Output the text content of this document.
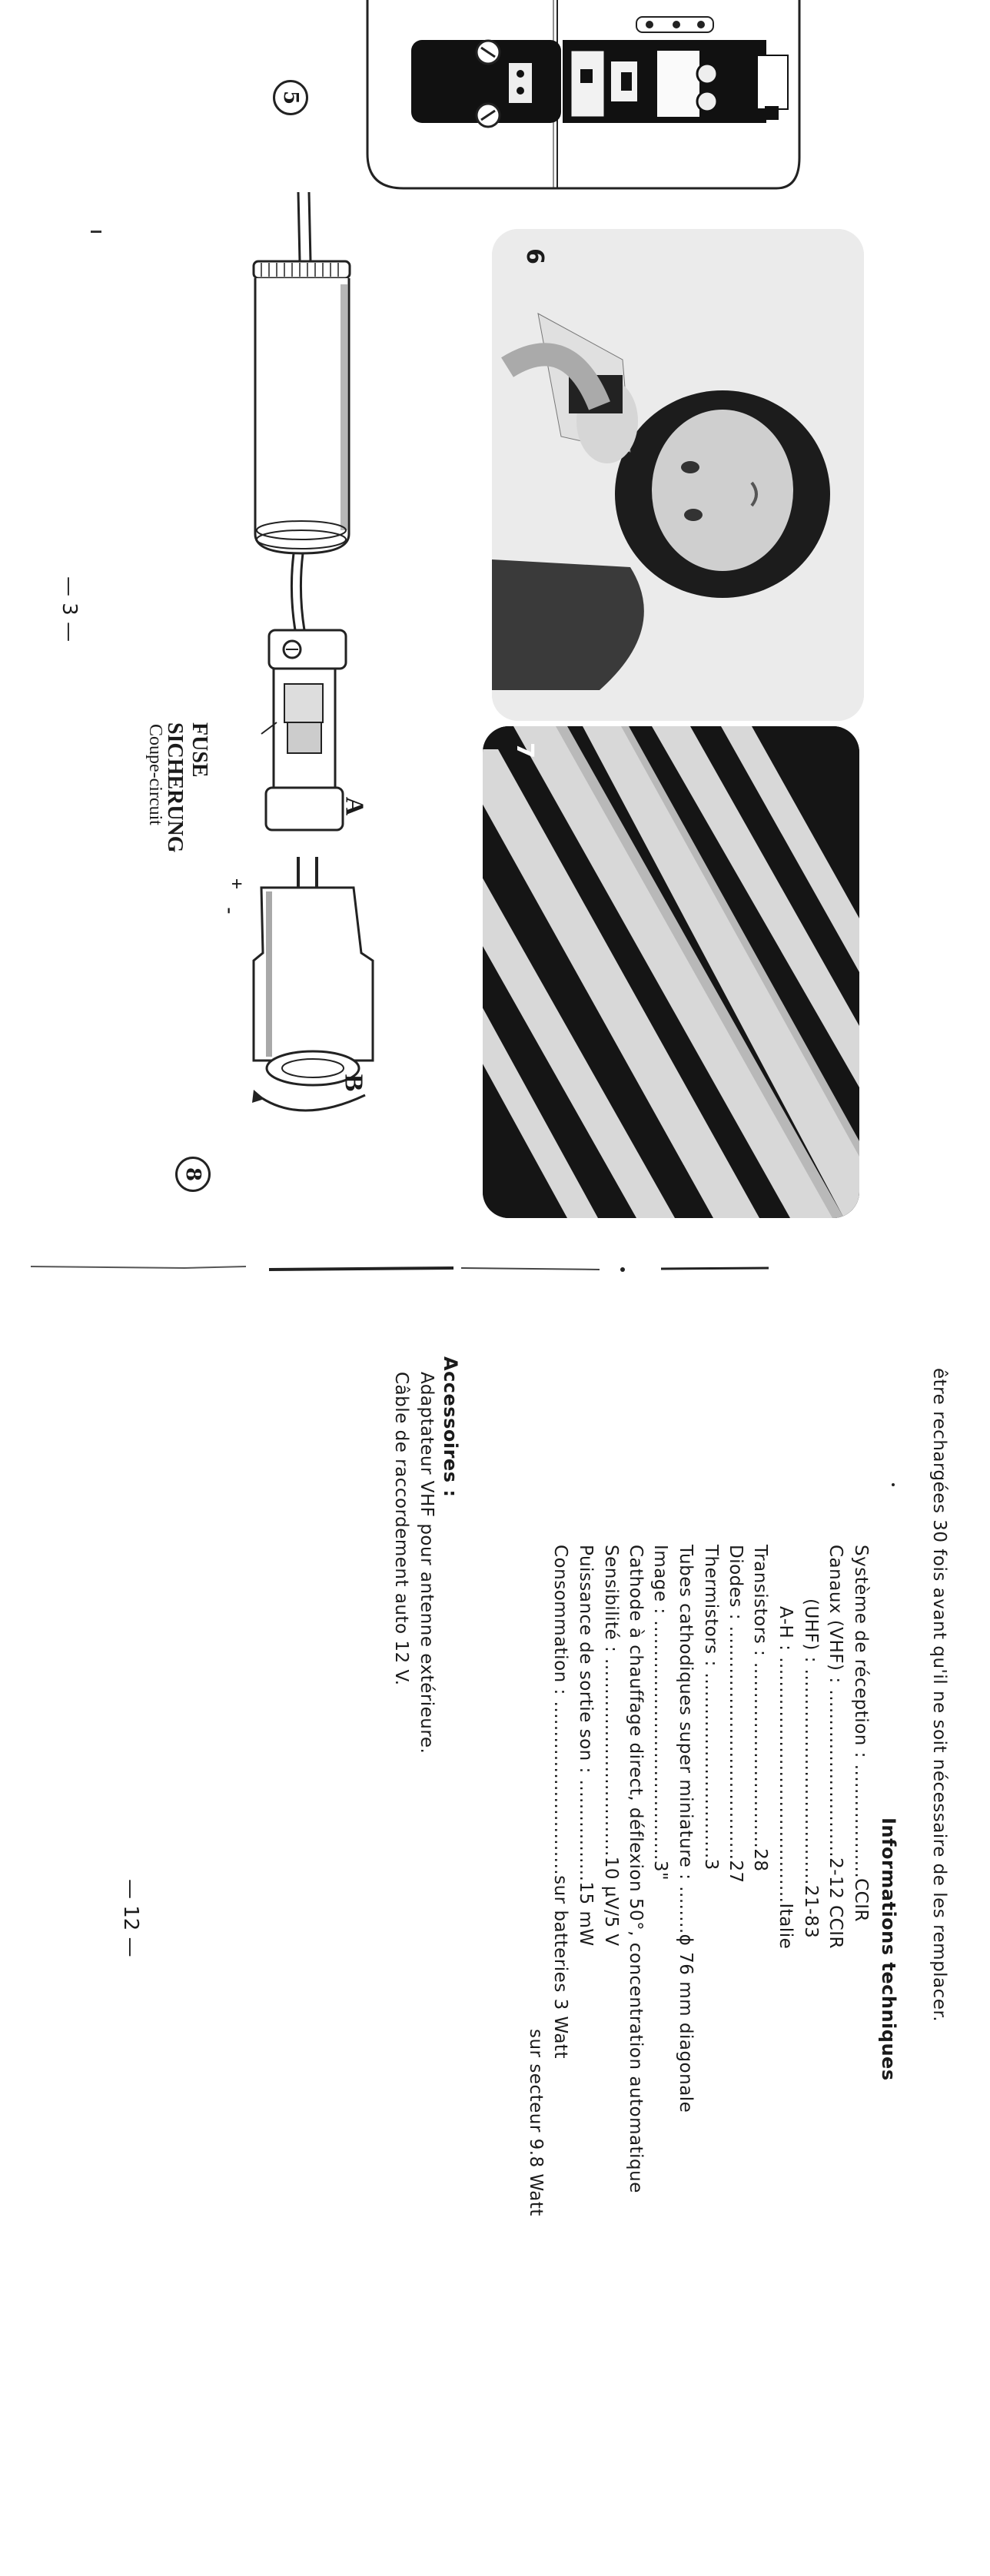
5
A
B
+
-
8
FUSE
SICHERUNG
Coupe-circuit
6
7
— 3 —
être rechargées 30 fois avant qu'il ne soit nécessaire de les remplacer.
Informations techniques
Système de réception : ...................CCIR
Canaux (VHF) : ............................2-12 CCIR
(UHF) : ....................................21-83
A-H : .........................................Italie
Transistors : ...............................28
Diodes : .......................................27
Thermistors : ...............................3
Tubes cathodiques super miniature : ........ϕ 76 mm diagonale
Image : ........................................3"
Cathode à chauffage direct, déflexion 50°, concentration automatique
Sensibilité : .................................10 µV/5 V
Puissance de sortie son : .................15 mW
Consommation : .............................sur batteries 3 Watt
sur secteur 9.8 Watt
Accessoires :
Adaptateur VHF pour antenne extérieure.
Câble de raccordement auto 12 V.
— 12 —
